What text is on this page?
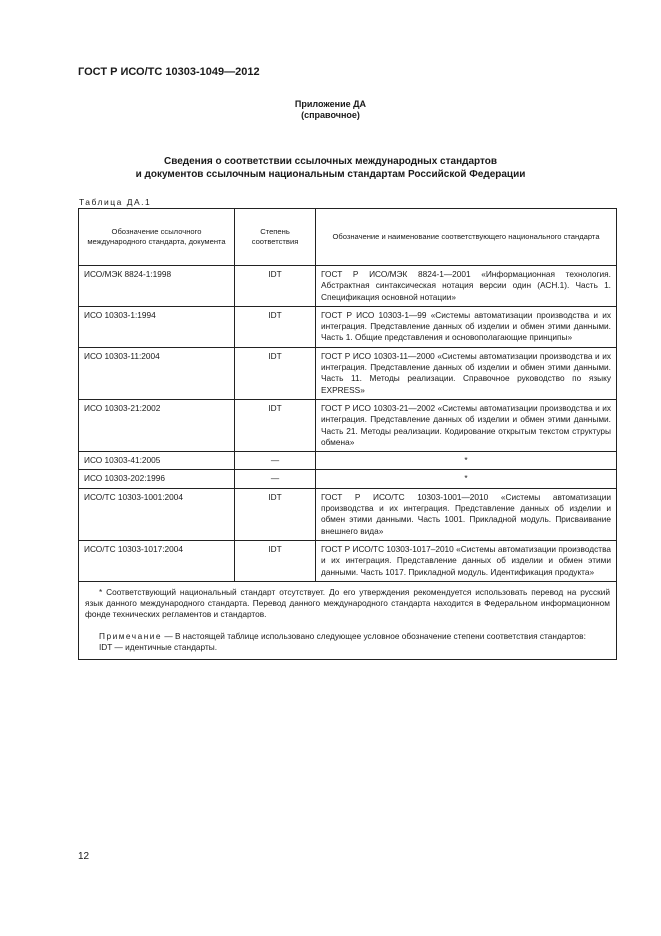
ГОСТ Р ИСО/ТС 10303-1049—2012
Приложение ДА
(справочное)
Сведения о соответствии ссылочных международных стандартов
и документов ссылочным национальным стандартам Российской Федерации
Таблица ДА.1
Обозначение ссылочного международного стандарта, документа	Степень соответствия	Обозначение и наименование соответствующего национального стандарта
ИСО/МЭК 8824-1:1998	IDT	ГОСТ Р ИСО/МЭК 8824-1—2001 «Информационная технология. Абстрактная синтаксическая нотация версии один (АСН.1). Часть 1. Спецификация основной нотации»
ИСО 10303-1:1994	IDT	ГОСТ Р ИСО 10303-1—99 «Системы автоматизации производства и их интеграция. Представление данных об изделии и обмен этими данными. Часть 1. Общие представления и основополагающие принципы»
ИСО 10303-11:2004	IDT	ГОСТ Р ИСО 10303-11—2000 «Системы автоматизации производства и их интеграция. Представление данных об изделии и обмен этими данными. Часть 11. Методы реализации. Справочное руководство по языку EXPRESS»
ИСО 10303-21:2002	IDT	ГОСТ Р ИСО 10303-21—2002 «Системы автоматизации производства и их интеграция. Представление данных об изделии и обмен этими данными. Часть 21. Методы реализации. Кодирование открытым текстом структуры обмена»
ИСО 10303-41:2005	—	*
ИСО 10303-202:1996	—	*
ИСО/ТС 10303-1001:2004	IDT	ГОСТ Р ИСО/ТС 10303-1001—2010 «Системы автоматизации производства и их интеграция. Представление данных об изделии и обмен этими данными. Часть 1001. Прикладной модуль. Присваивание внешнего вида»
ИСО/ТС 10303-1017:2004	IDT	ГОСТ Р ИСО/ТС 10303-1017–2010 «Системы автоматизации производства и их интеграция. Представление данных об изделии и обмен этими данными. Часть 1017. Прикладной модуль. Идентификация продукта»

* Соответствующий национальный стандарт отсутствует. До его утверждения рекомендуется использовать перевод на русский язык данного международного стандарта. Перевод данного международного стандарта находится в Федеральном информационном фонде технических регламентов и стандартов.

Примечание — В настоящей таблице использовано следующее условное обозначение степени соответствия стандартов:

IDT — идентичные стандарты.		

12
